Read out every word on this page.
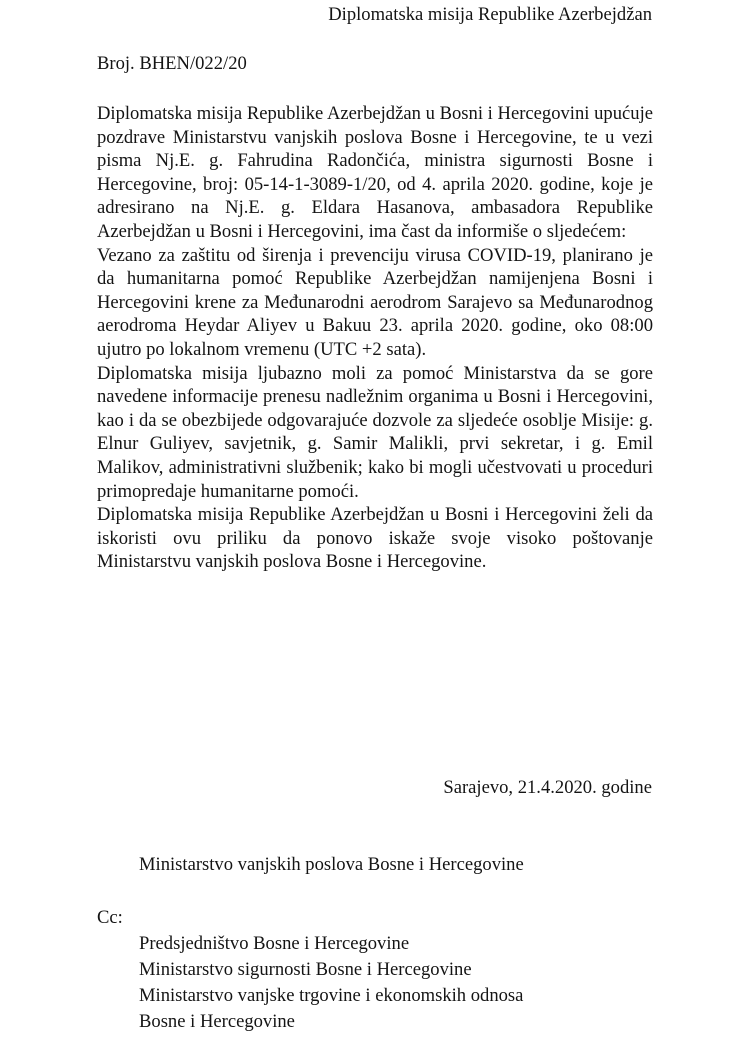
Diplomatska misija Republike Azerbejdžan
Broj. BHEN/022/20

Diplomatska misija Republike Azerbejdžan u Bosni i Hercegovini upućuje pozdrave Ministarstvu vanjskih poslova Bosne i Hercegovine, te u vezi pisma Nj.E. g. Fahrudina Radončića, ministra sigurnosti Bosne i Hercegovine, broj: 05-14-1-3089-1/20, od 4. aprila 2020. godine, koje je adresirano na Nj.E. g. Eldara Hasanova, ambasadora Republike Azerbejdžan u Bosni i Hercegovini, ima čast da informiše o sljedećem:

Vezano za zaštitu od širenja i prevenciju virusa COVID-19, planirano je da humanitarna pomoć Republike Azerbejdžan namijenjena Bosni i Hercegovini krene za Međunarodni aerodrom Sarajevo sa Međunarodnog aerodroma Heydar Aliyev u Bakuu 23. aprila 2020. godine, oko 08:00 ujutro po lokalnom vremenu (UTC +2 sata).

Diplomatska misija ljubazno moli za pomoć Ministarstva da se gore navedene informacije prenesu nadležnim organima u Bosni i Hercegovini, kao i da se obezbijede odgovarajuće dozvole za sljedeće osoblje Misije: g. Elnur Guliyev, savjetnik, g. Samir Malikli, prvi sekretar, i g. Emil Malikov, administrativni službenik; kako bi mogli učestvovati u proceduri primopredaje humanitarne pomoći.

Diplomatska misija Republike Azerbejdžan u Bosni i Hercegovini želi da iskoristi ovu priliku da ponovo iskaže svoje visoko poštovanje Ministarstvu vanjskih poslova Bosne i Hercegovine.

Sarajevo, 21.4.2020. godine
Ministarstvo vanjskih poslova Bosne i Hercegovine
Cc:
Predsjedništvo Bosne i Hercegovine
Ministarstvo sigurnosti Bosne i Hercegovine
Ministarstvo vanjske trgovine i ekonomskih odnosa
Bosne i Hercegovine
